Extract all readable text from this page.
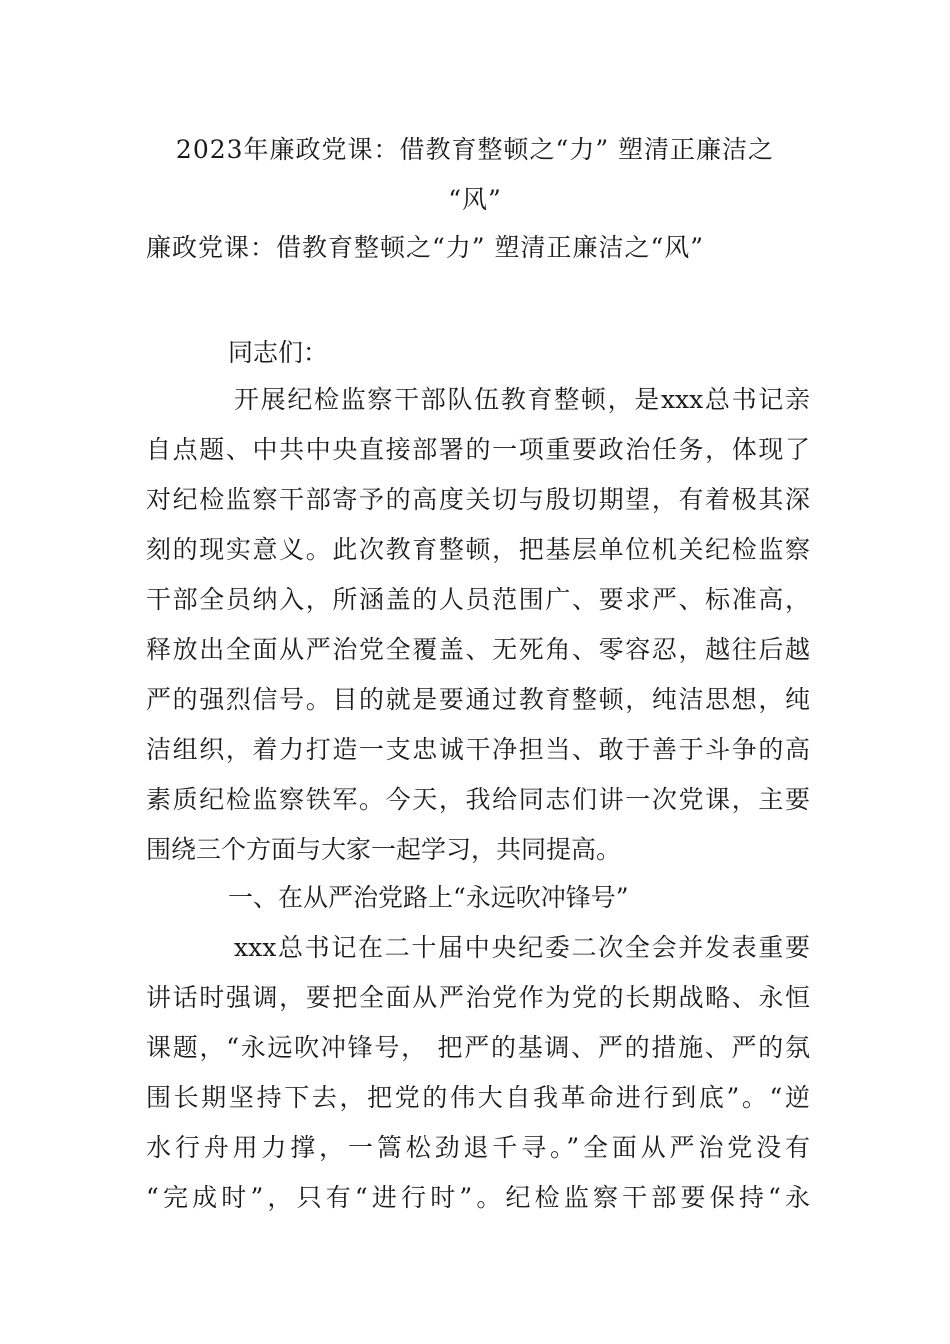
2023年廉政党课：借教育整顿之“力” 塑清正廉洁之
“风”
廉政党课：借教育整顿之“力” 塑清正廉洁之“风”
同志们：
开展纪检监察干部队伍教育整顿，是xxx总书记亲
自点题、中共中央直接部署的一项重要政治任务，体现了
对纪检监察干部寄予的高度关切与殷切期望，有着极其深
刻的现实意义。此次教育整顿，把基层单位机关纪检监察
干部全员纳入，所涵盖的人员范围广、要求严、标准高，
释放出全面从严治党全覆盖、无死角、零容忍，越往后越
严的强烈信号。目的就是要通过教育整顿，纯洁思想，纯
洁组织，着力打造一支忠诚干净担当、敢于善于斗争的高
素质纪检监察铁军。今天，我给同志们讲一次党课，主要
围绕三个方面与大家一起学习，共同提高。
一、在从严治党路上“永远吹冲锋号”
xxx总书记在二十届中央纪委二次全会并发表重要
讲话时强调，要把全面从严治党作为党的长期战略、永恒
课题，“永远吹冲锋号， 把严的基调、严的措施、严的氛
围长期坚持下去，把党的伟大自我革命进行到底”。“逆
水行舟用力撑，一篙松劲退千寻。”全面从严治党没有
“完成时”，只有“进行时”。纪检监察干部要保持“永
